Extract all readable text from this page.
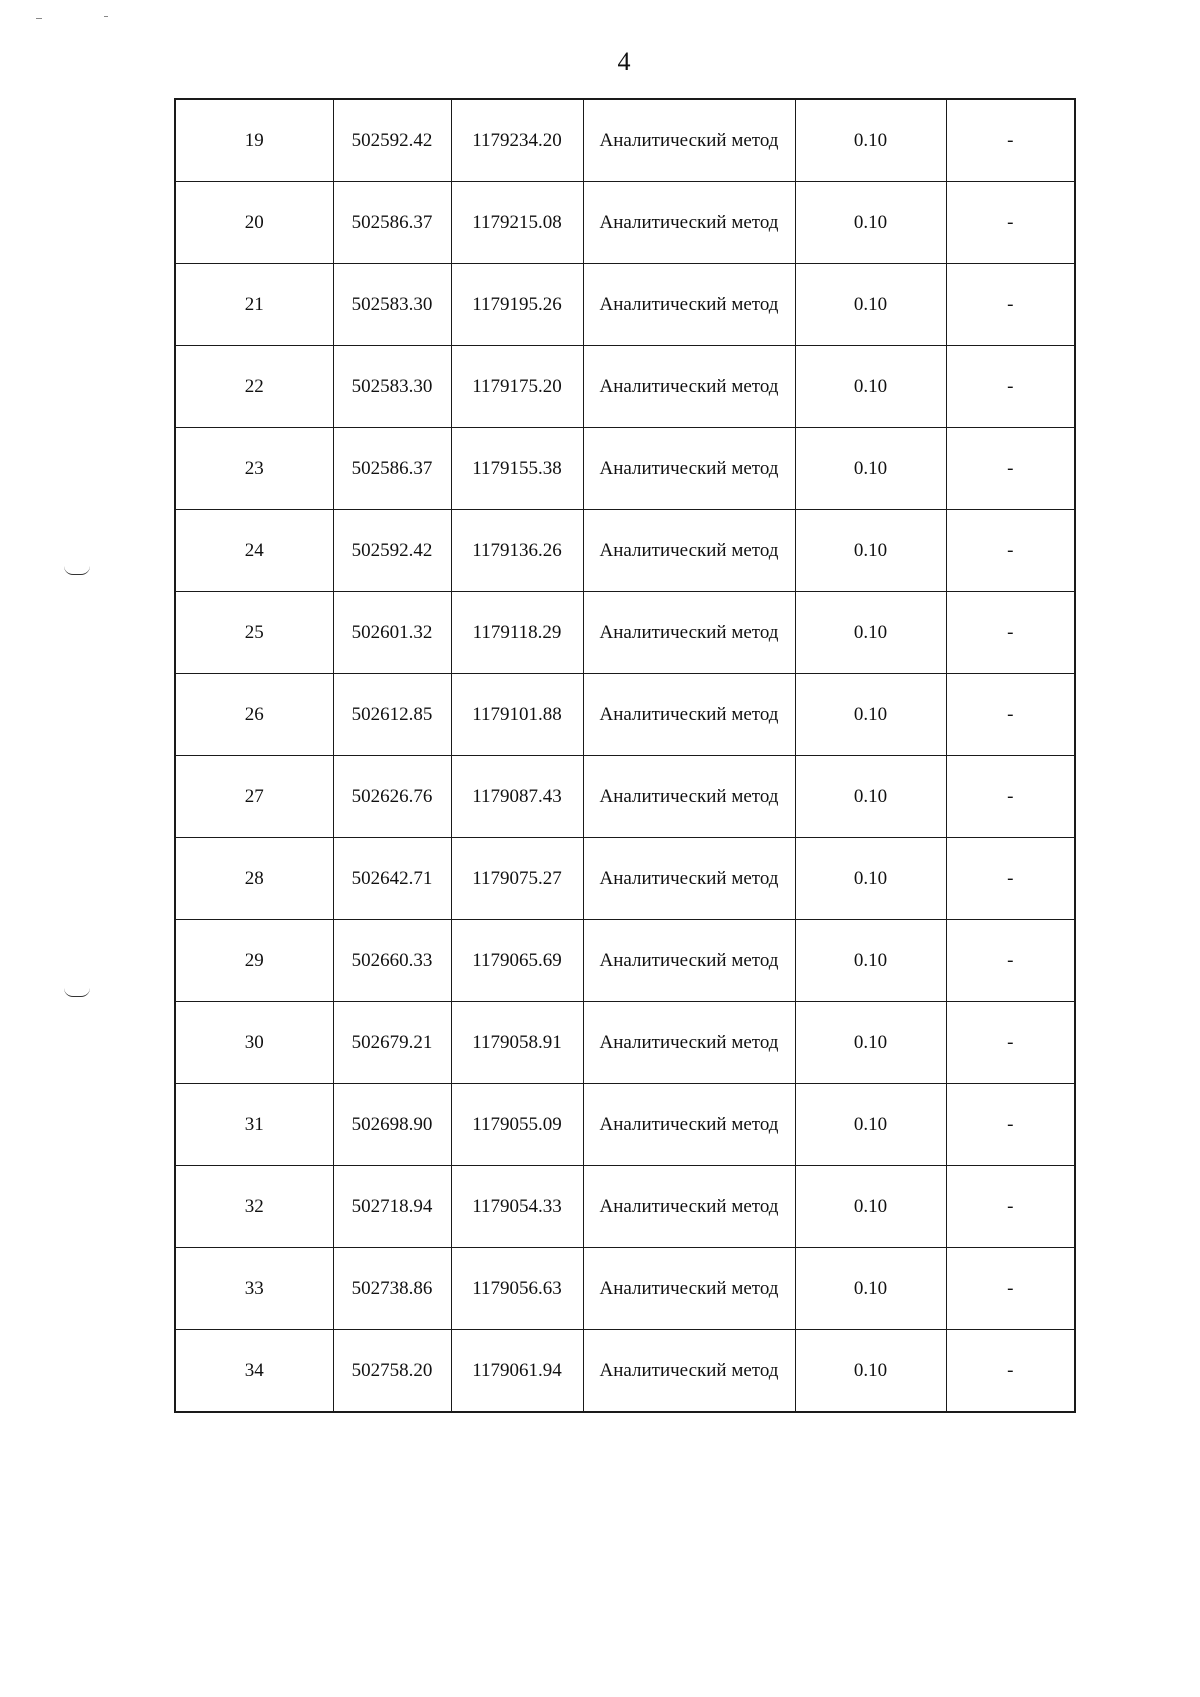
4
19	502592.42	1179234.20	Аналитический метод	0.10	-
20	502586.37	1179215.08	Аналитический метод	0.10	-
21	502583.30	1179195.26	Аналитический метод	0.10	-
22	502583.30	1179175.20	Аналитический метод	0.10	-
23	502586.37	1179155.38	Аналитический метод	0.10	-
24	502592.42	1179136.26	Аналитический метод	0.10	-
25	502601.32	1179118.29	Аналитический метод	0.10	-
26	502612.85	1179101.88	Аналитический метод	0.10	-
27	502626.76	1179087.43	Аналитический метод	0.10	-
28	502642.71	1179075.27	Аналитический метод	0.10	-
29	502660.33	1179065.69	Аналитический метод	0.10	-
30	502679.21	1179058.91	Аналитический метод	0.10	-
31	502698.90	1179055.09	Аналитический метод	0.10	-
32	502718.94	1179054.33	Аналитический метод	0.10	-
33	502738.86	1179056.63	Аналитический метод	0.10	-
34	502758.20	1179061.94	Аналитический метод	0.10	-
